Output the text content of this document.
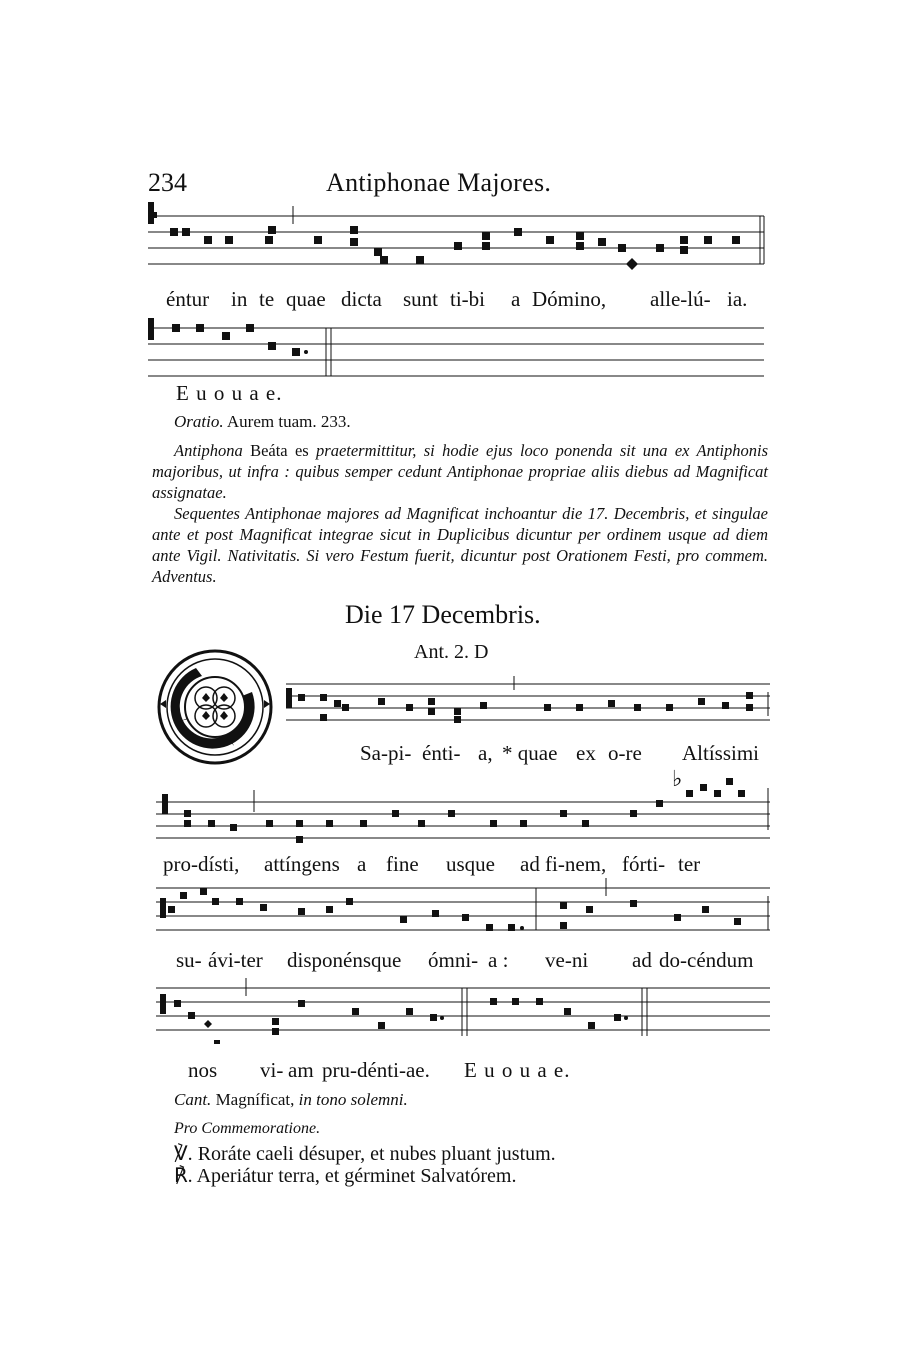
234	Antiphonae Majores.
éntur in te quae dicta sunt ti-bi a Dómino, alle-lú- ia.
E u o u a e.
Oratio. Aurem tuam. 233.
Antiphona Beáta es praetermittitur, si hodie ejus loco ponenda sit una ex Antiphonis majoribus, ut infra : quibus semper cedunt Antiphonae propriae aliis diebus ad Magnificat assignatae.
Sequentes Antiphonae majores ad Magnificat inchoantur die 17. Decembris, et singulae ante et post Magnificat integrae sicut in Duplicibus dicuntur per ordinem usque ad diem ante Vigil. Nativitatis. Si vero Festum fuerit, dicuntur post Orationem Festi, pro commem. Adventus.
Die 17 Decembris.
Ant. 2. D
Sa-pi- énti- a, * quae ex o-re Altíssimi
♭
pro-dísti, attíngens a fine usque ad fi-nem, fórti- ter
su- ávi-ter disponénsque ómni- a : ve-ni ad do-céndum
nos vi- am pru-dénti-ae. E u o u a e.
Cant. Magníficat, in tono solemni.
Pro Commemoratione.
℣. Roráte caeli désuper, et nubes pluant justum.
℟. Aperiátur terra, et gérminet Salvatórem.
